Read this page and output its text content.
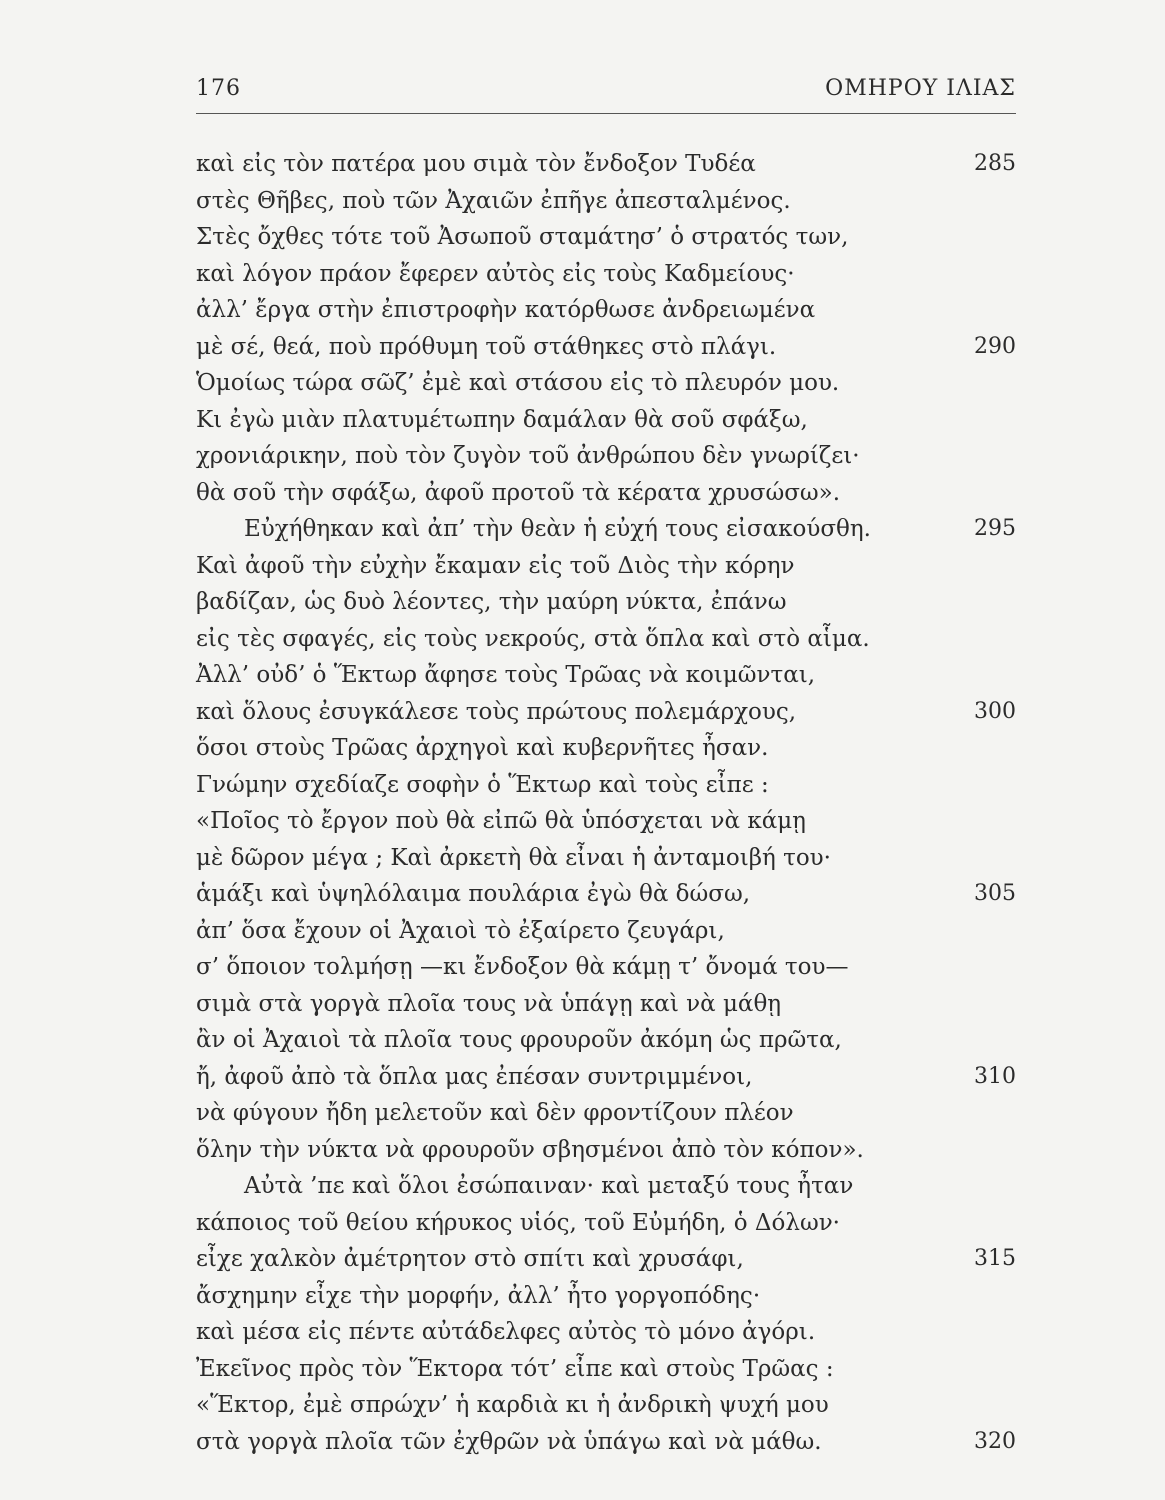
176	ΟΜΗΡΟΥ ΙΛΙΑΣ
καὶ εἰς τὸν πατέρα μου σιμὰ τὸν ἔνδοξον Τυδέα	285
στὲς Θῆβες, ποὺ τῶν Ἀχαιῶν ἐπῆγε ἀπεσταλμένος.
Στὲς ὄχθες τότε τοῦ Ἀσωποῦ σταμάτησ’ ὁ στρατός των,
καὶ λόγον πράον ἔφερεν αὐτὸς εἰς τοὺς Καδμείους·
ἀλλ’ ἔργα στὴν ἐπιστροφὴν κατόρθωσε ἀνδρειωμένα
μὲ σέ, θεά, ποὺ πρόθυμη τοῦ στάθηκες στὸ πλάγι.	290
Ὁμοίως τώρα σῶζ’ ἐμὲ καὶ στάσου εἰς τὸ πλευρόν μου.
Κι ἐγὼ μιὰν πλατυμέτωπην δαμάλαν θὰ σοῦ σφάξω,
χρονιάρικην, ποὺ τὸν ζυγὸν τοῦ ἀνθρώπου δὲν γνωρίζει·
θὰ σοῦ τὴν σφάξω, ἀφοῦ προτοῦ τὰ κέρατα χρυσώσω».
Εὐχήθηκαν καὶ ἀπ’ τὴν θεὰν ἡ εὐχή τους εἰσακούσθη.	295
Καὶ ἀφοῦ τὴν εὐχὴν ἔκαμαν εἰς τοῦ Διὸς τὴν κόρην
βαδίζαν, ὡς δυὸ λέοντες, τὴν μαύρη νύκτα, ἐπάνω
εἰς τὲς σφαγές, εἰς τοὺς νεκρούς, στὰ ὅπλα καὶ στὸ αἷμα.
Ἀλλ’ οὐδ’ ὁ Ἕκτωρ ἄφησε τοὺς Τρῶας νὰ κοιμῶνται,
καὶ ὅλους ἐσυγκάλεσε τοὺς πρώτους πολεμάρχους,	300
ὅσοι στοὺς Τρῶας ἀρχηγοὶ καὶ κυβερνῆτες ἦσαν.
Γνώμην σχεδίαζε σοφὴν ὁ Ἕκτωρ καὶ τοὺς εἶπε :
«Ποῖος τὸ ἔργον ποὺ θὰ εἰπῶ θὰ ὑπόσχεται νὰ κάμῃ
μὲ δῶρον μέγα ; Καὶ ἀρκετὴ θὰ εἶναι ἡ ἀνταμοιβή του·
ἁμάξι καὶ ὑψηλόλαιμα πουλάρια ἐγὼ θὰ δώσω,	305
ἀπ’ ὅσα ἔχουν οἱ Ἀχαιοὶ τὸ ἐξαίρετο ζευγάρι,
σ’ ὅποιον τολμήσῃ —κι ἔνδοξον θὰ κάμῃ τ’ ὄνομά του—
σιμὰ στὰ γοργὰ πλοῖα τους νὰ ὑπάγῃ καὶ νὰ μάθῃ
ἂν οἱ Ἀχαιοὶ τὰ πλοῖα τους φρουροῦν ἀκόμη ὡς πρῶτα,
ἤ, ἀφοῦ ἀπὸ τὰ ὅπλα μας ἐπέσαν συντριμμένοι,	310
νὰ φύγουν ἤδη μελετοῦν καὶ δὲν φροντίζουν πλέον
ὅλην τὴν νύκτα νὰ φρουροῦν σβησμένοι ἀπὸ τὸν κόπον».
Αὐτὰ ’πε καὶ ὅλοι ἐσώπαιναν· καὶ μεταξύ τους ἦταν
κάποιος τοῦ θείου κήρυκος υἱός, τοῦ Εὐμήδη, ὁ Δόλων·
εἶχε χαλκὸν ἀμέτρητον στὸ σπίτι καὶ χρυσάφι,	315
ἄσχημην εἶχε τὴν μορφήν, ἀλλ’ ἦτο γοργοπόδης·
καὶ μέσα εἰς πέντε αὐτάδελφες αὐτὸς τὸ μόνο ἀγόρι.
Ἐκεῖνος πρὸς τὸν Ἕκτορα τότ’ εἶπε καὶ στοὺς Τρῶας :
«Ἕκτορ, ἐμὲ σπρώχν’ ἡ καρδιὰ κι ἡ ἀνδρικὴ ψυχή μου
στὰ γοργὰ πλοῖα τῶν ἐχθρῶν νὰ ὑπάγω καὶ νὰ μάθω.	320
